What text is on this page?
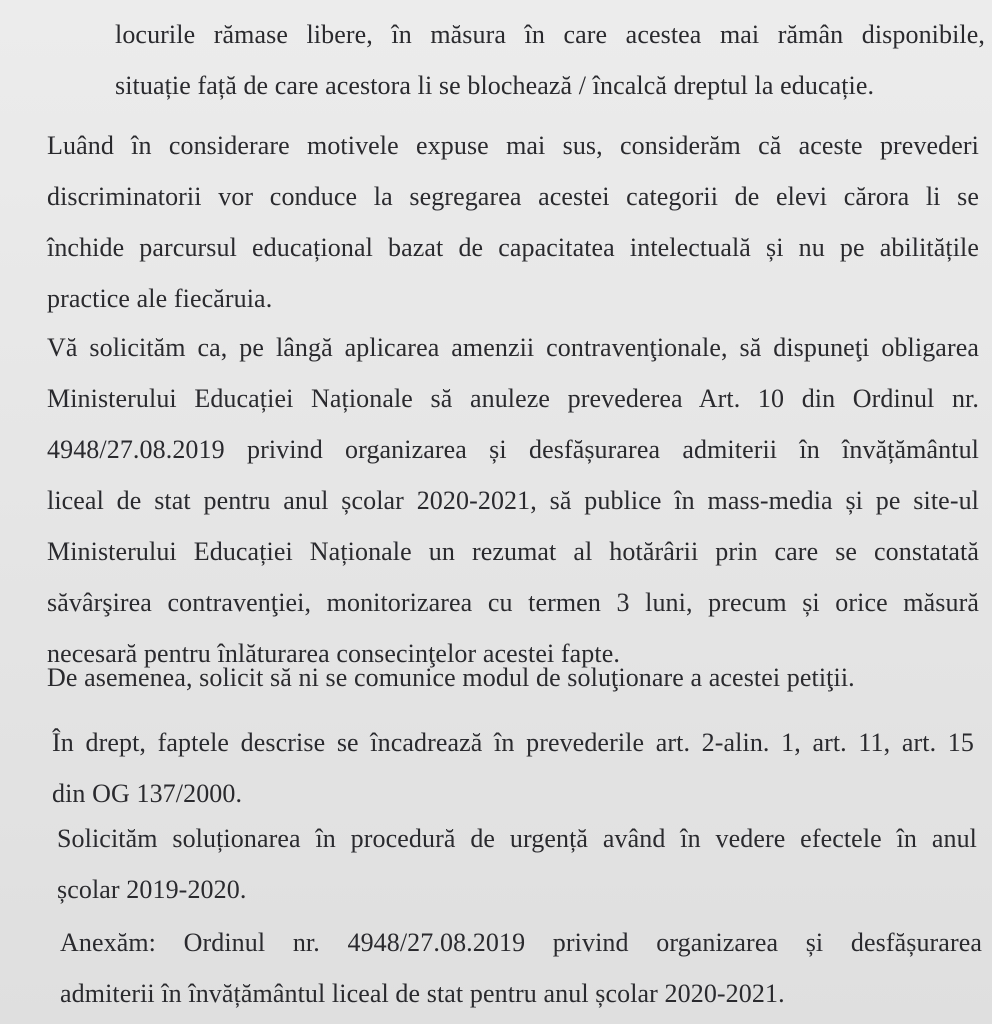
locurile rămase libere, în măsura în care acestea mai rămân disponibile,
situație față de care acestora li se blochează / încalcă dreptul la educație.
Luând în considerare motivele expuse mai sus, considerăm că aceste prevederi
discriminatorii vor conduce la segregarea acestei categorii de elevi cărora li se
închide parcursul educațional bazat de capacitatea intelectuală și nu pe abilitățile
practice ale fiecăruia.
Vă solicităm ca, pe lângă aplicarea amenzii contravenţionale, să dispuneţi obligarea
Ministerului Educației Naționale să anuleze prevederea Art. 10 din Ordinul nr.
4948/27.08.2019 privind organizarea și desfășurarea admiterii în învățământul
liceal de stat pentru anul școlar 2020-2021, să publice în mass-media și pe site-ul
Ministerului Educației Naționale un rezumat al hotărârii prin care se constatată
săvârşirea contravenţiei, monitorizarea cu termen 3 luni, precum și orice măsură
necesară pentru înlăturarea consecinţelor acestei fapte.
De asemenea, solicit să ni se comunice modul de soluţionare a acestei petiţii.
În drept, faptele descrise se încadrează în prevederile art. 2-alin. 1, art. 11, art. 15
din OG 137/2000.
Solicităm soluționarea în procedură de urgență având în vedere efectele în anul
școlar 2019-2020.
Anexăm: Ordinul nr. 4948/27.08.2019 privind organizarea și desfășurarea
admiterii în învățământul liceal de stat pentru anul școlar 2020-2021.
